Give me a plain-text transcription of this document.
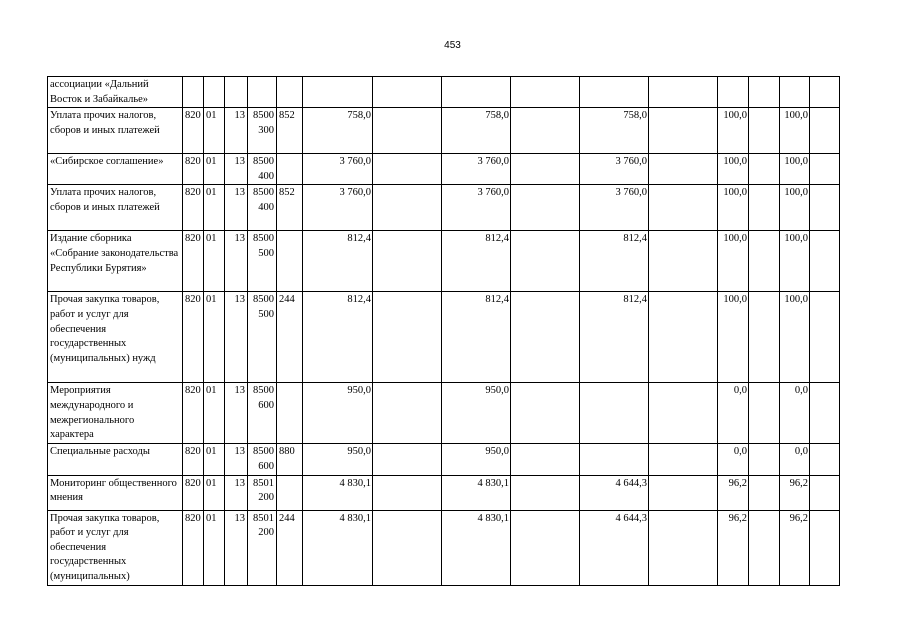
453
ассоциации «Дальний Восток и Забайкалье»															
Уплата прочих налогов, сборов и иных платежей	820	01	13	8500 300	852	758,0		758,0		758,0		100,0		100,0	
«Сибирское соглашение»	820	01	13	8500 400		3 760,0		3 760,0		3 760,0		100,0		100,0	
Уплата прочих налогов, сборов и иных платежей	820	01	13	8500 400	852	3 760,0		3 760,0		3 760,0		100,0		100,0	
Издание сборника «Собрание законодательства Республики Бурятия»	820	01	13	8500 500		812,4		812,4		812,4		100,0		100,0	
Прочая закупка товаров, работ и услуг для обеспечения государственных (муниципальных) нужд	820	01	13	8500 500	244	812,4		812,4		812,4		100,0		100,0	
Мероприятия международного и межрегионального характера	820	01	13	8500 600		950,0		950,0				0,0		0,0	
Специальные расходы	820	01	13	8500 600	880	950,0		950,0				0,0		0,0	
Мониторинг общественного мнения	820	01	13	8501 200		4 830,1		4 830,1		4 644,3		96,2		96,2	
Прочая закупка товаров, работ и услуг для обеспечения государственных (муниципальных)	820	01	13	8501 200	244	4 830,1		4 830,1		4 644,3		96,2		96,2	
